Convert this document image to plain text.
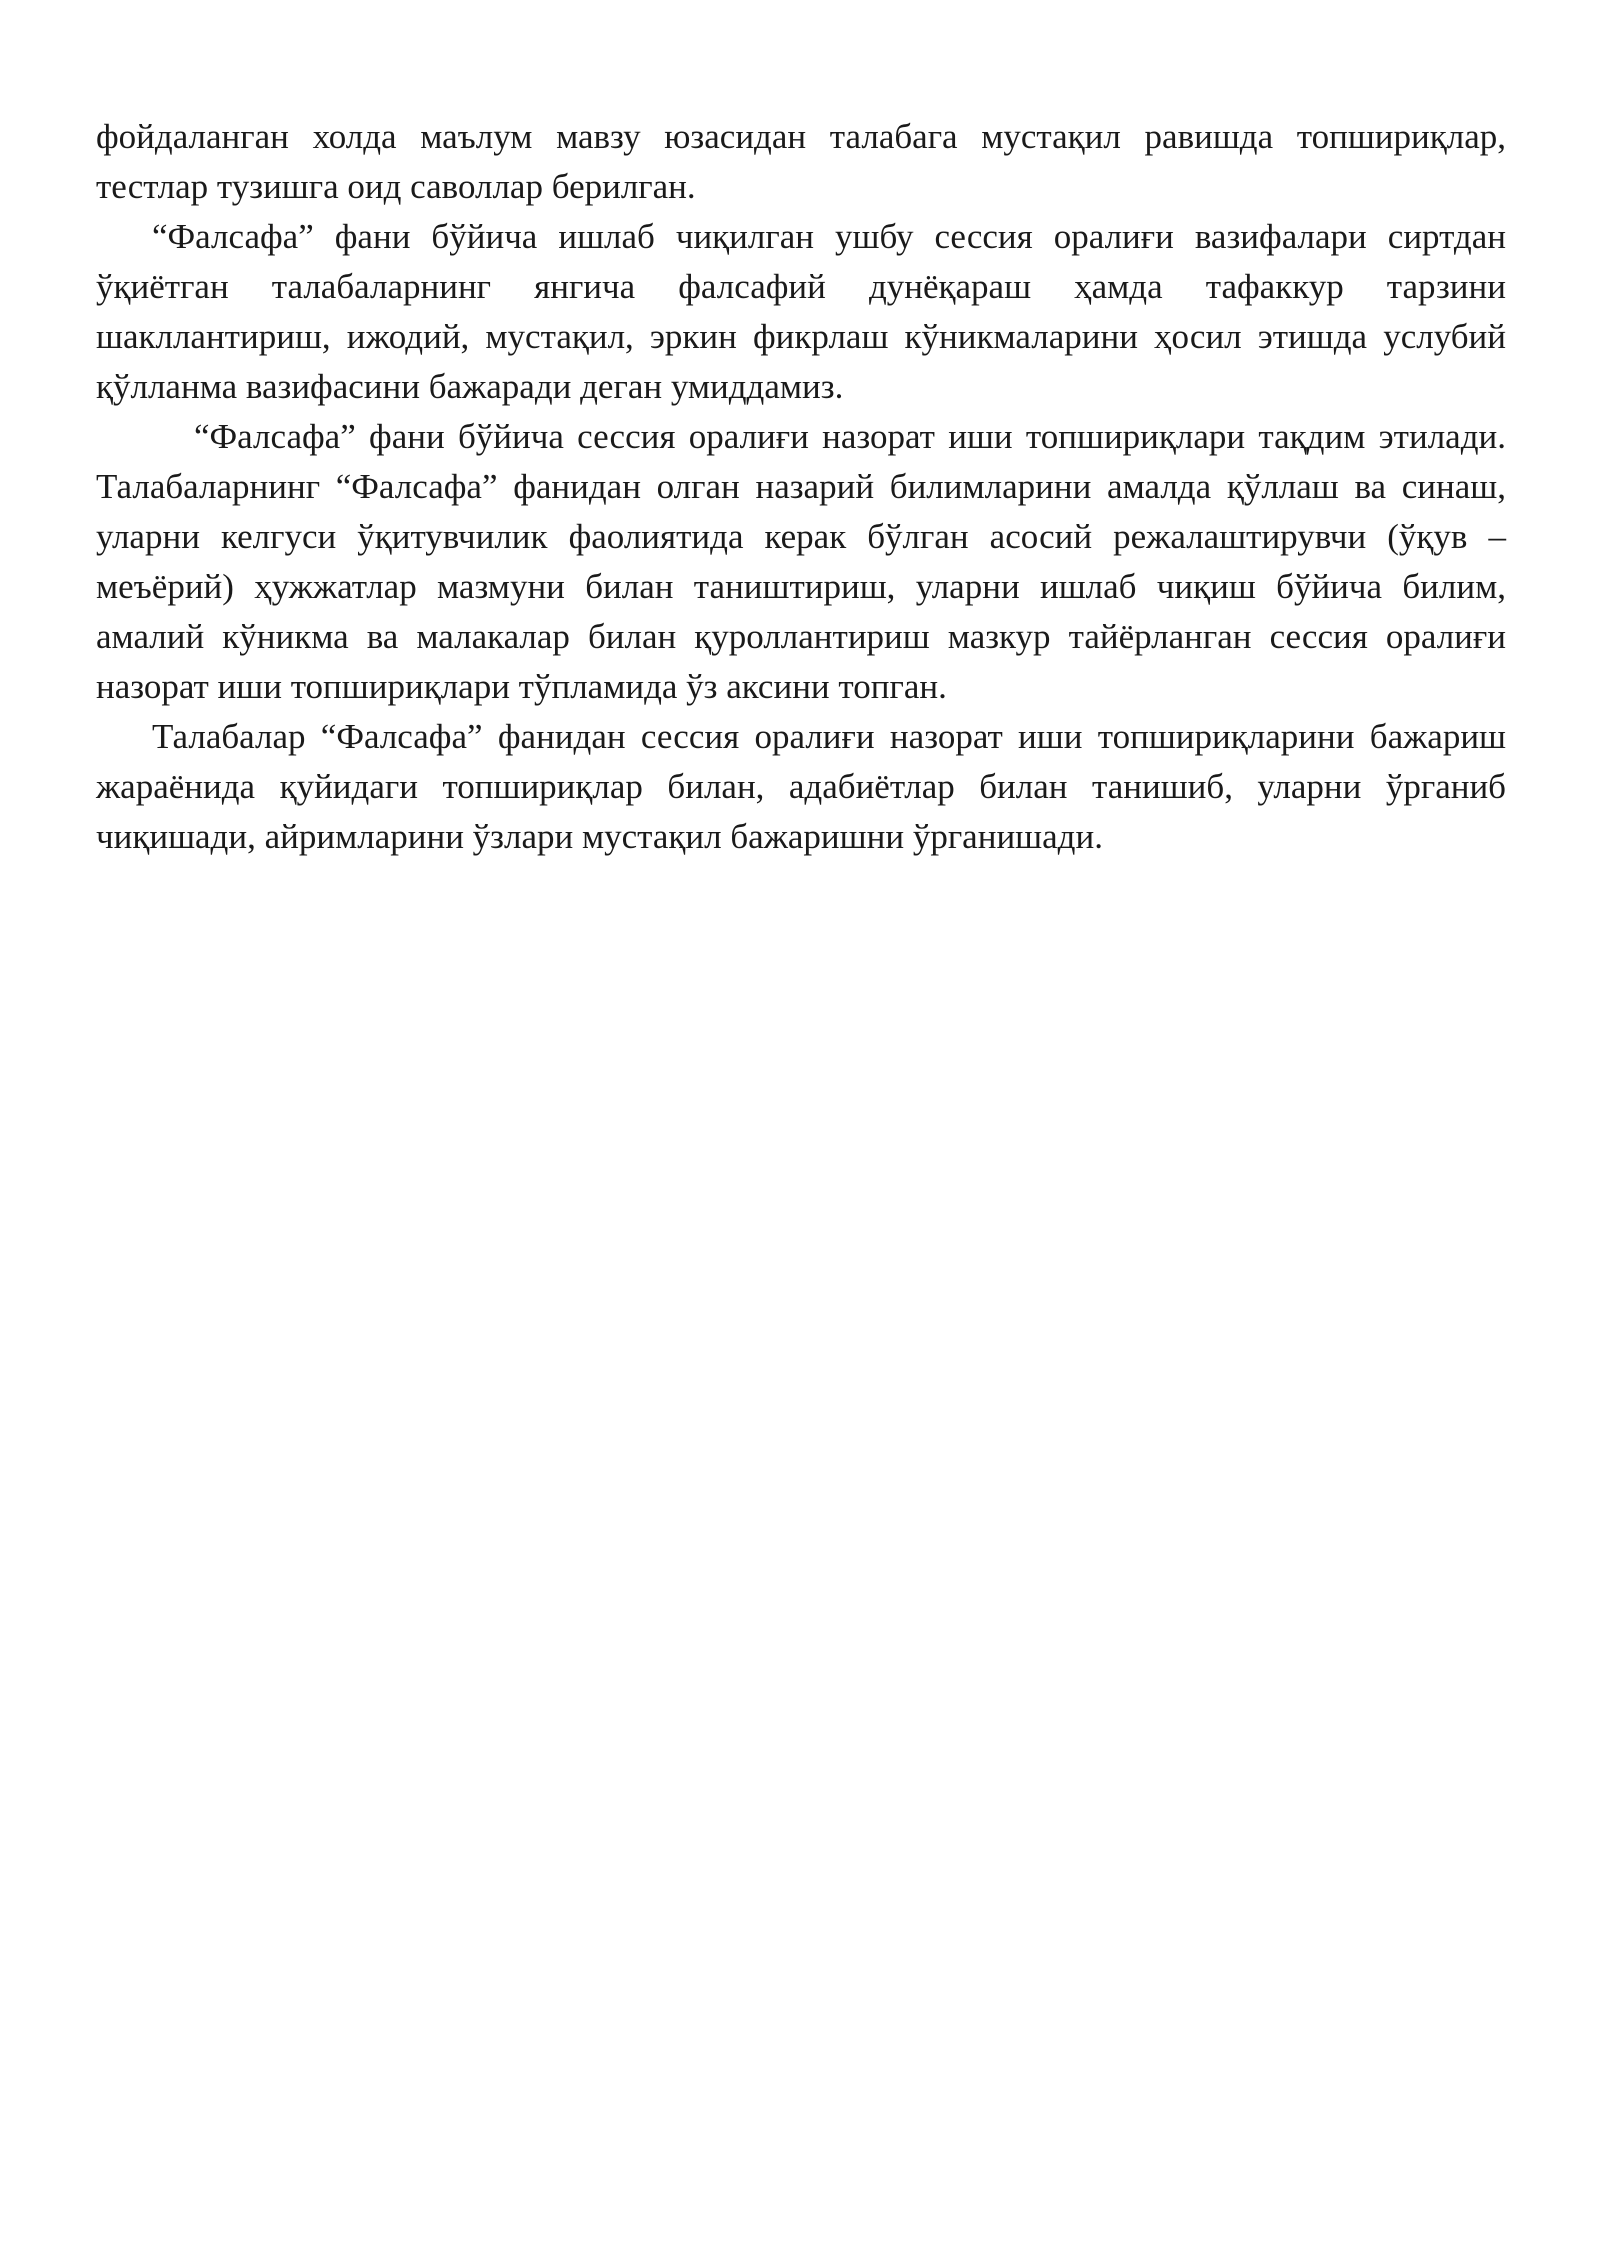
фойдаланган холда маълум мавзу юзасидан талабага мустақил равишда топшириқлар, тестлар тузишга оид саволлар берилган.

“Фалсафа” фани бўйича ишлаб чиқилган ушбу сессия оралиғи вазифалари сиртдан ўқиётган талабаларнинг янгича фалсафий дунёқараш ҳамда тафаккур тарзини шакллантириш, ижодий, мустақил, эркин фикрлаш кўникмаларини ҳосил этишда услубий қўлланма вазифасини бажаради деган умиддамиз.

“Фалсафа” фани бўйича сессия оралиғи назорат иши топшириқлари тақдим этилади. Талабаларнинг “Фалсафа” фанидан олган назарий билимларини амалда қўллаш ва синаш, уларни келгуси ўқитувчилик фаолиятида керак бўлган асосий режалаштирувчи (ўқув – меъёрий) ҳужжатлар мазмуни билан таништириш, уларни ишлаб чиқиш бўйича билим, амалий кўникма ва малакалар билан қуроллантириш мазкур тайёрланган сессия оралиғи назорат иши топшириқлари тўпламида ўз аксини топган.

Талабалар “Фалсафа” фанидан сессия оралиғи назорат иши топшириқларини бажариш жараёнида қуйидаги топшириқлар билан, адабиётлар билан танишиб, уларни ўрганиб чиқишади, айримларини ўзлари мустақил бажаришни ўрганишади.
